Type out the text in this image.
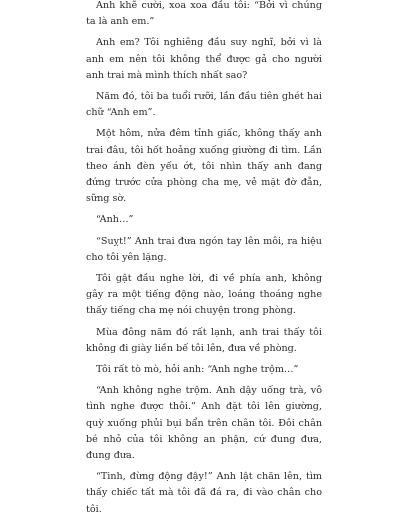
Anh khẽ cười, xoa xoa đầu tôi: “Bởi vì chúng ta là anh em.”

Anh em? Tôi nghiêng đầu suy nghĩ, bởi vì là anh em nên tôi không thể được gả cho người anh trai mà mình thích nhất sao?

Năm đó, tôi ba tuổi rưỡi, lần đầu tiên ghét hai chữ “Anh em”.

Một hôm, nửa đêm tỉnh giấc, không thấy anh trai đâu, tôi hốt hoảng xuống giường đi tìm. Lần theo ánh đèn yếu ớt, tôi nhìn thấy anh đang đứng trước cửa phòng cha mẹ, vẻ mặt đờ đẫn, sững sờ.

“Anh…”

“Suỵt!” Anh trai đưa ngón tay lên môi, ra hiệu cho tôi yên lặng.

Tôi gật đầu nghe lời, đi về phía anh, không gây ra một tiếng động nào, loáng thoáng nghe thấy tiếng cha mẹ nói chuyện trong phòng.

Mùa đông năm đó rất lạnh, anh trai thấy tôi không đi giày liền bế tôi lên, đưa về phòng.

Tôi rất tò mò, hỏi anh: “Anh nghe trộm…”

“Anh không nghe trộm. Anh dậy uống trà, vô tình nghe được thôi.” Anh đặt tôi lên giường, quỳ xuống phủi bụi bẩn trên chân tôi. Đôi chân bé nhỏ của tôi không an phận, cứ đung đưa, đung đưa.

“Tinh, đừng động đậy!” Anh lật chăn lên, tìm thấy chiếc tất mà tôi đã đá ra, đi vào chân cho tôi.
